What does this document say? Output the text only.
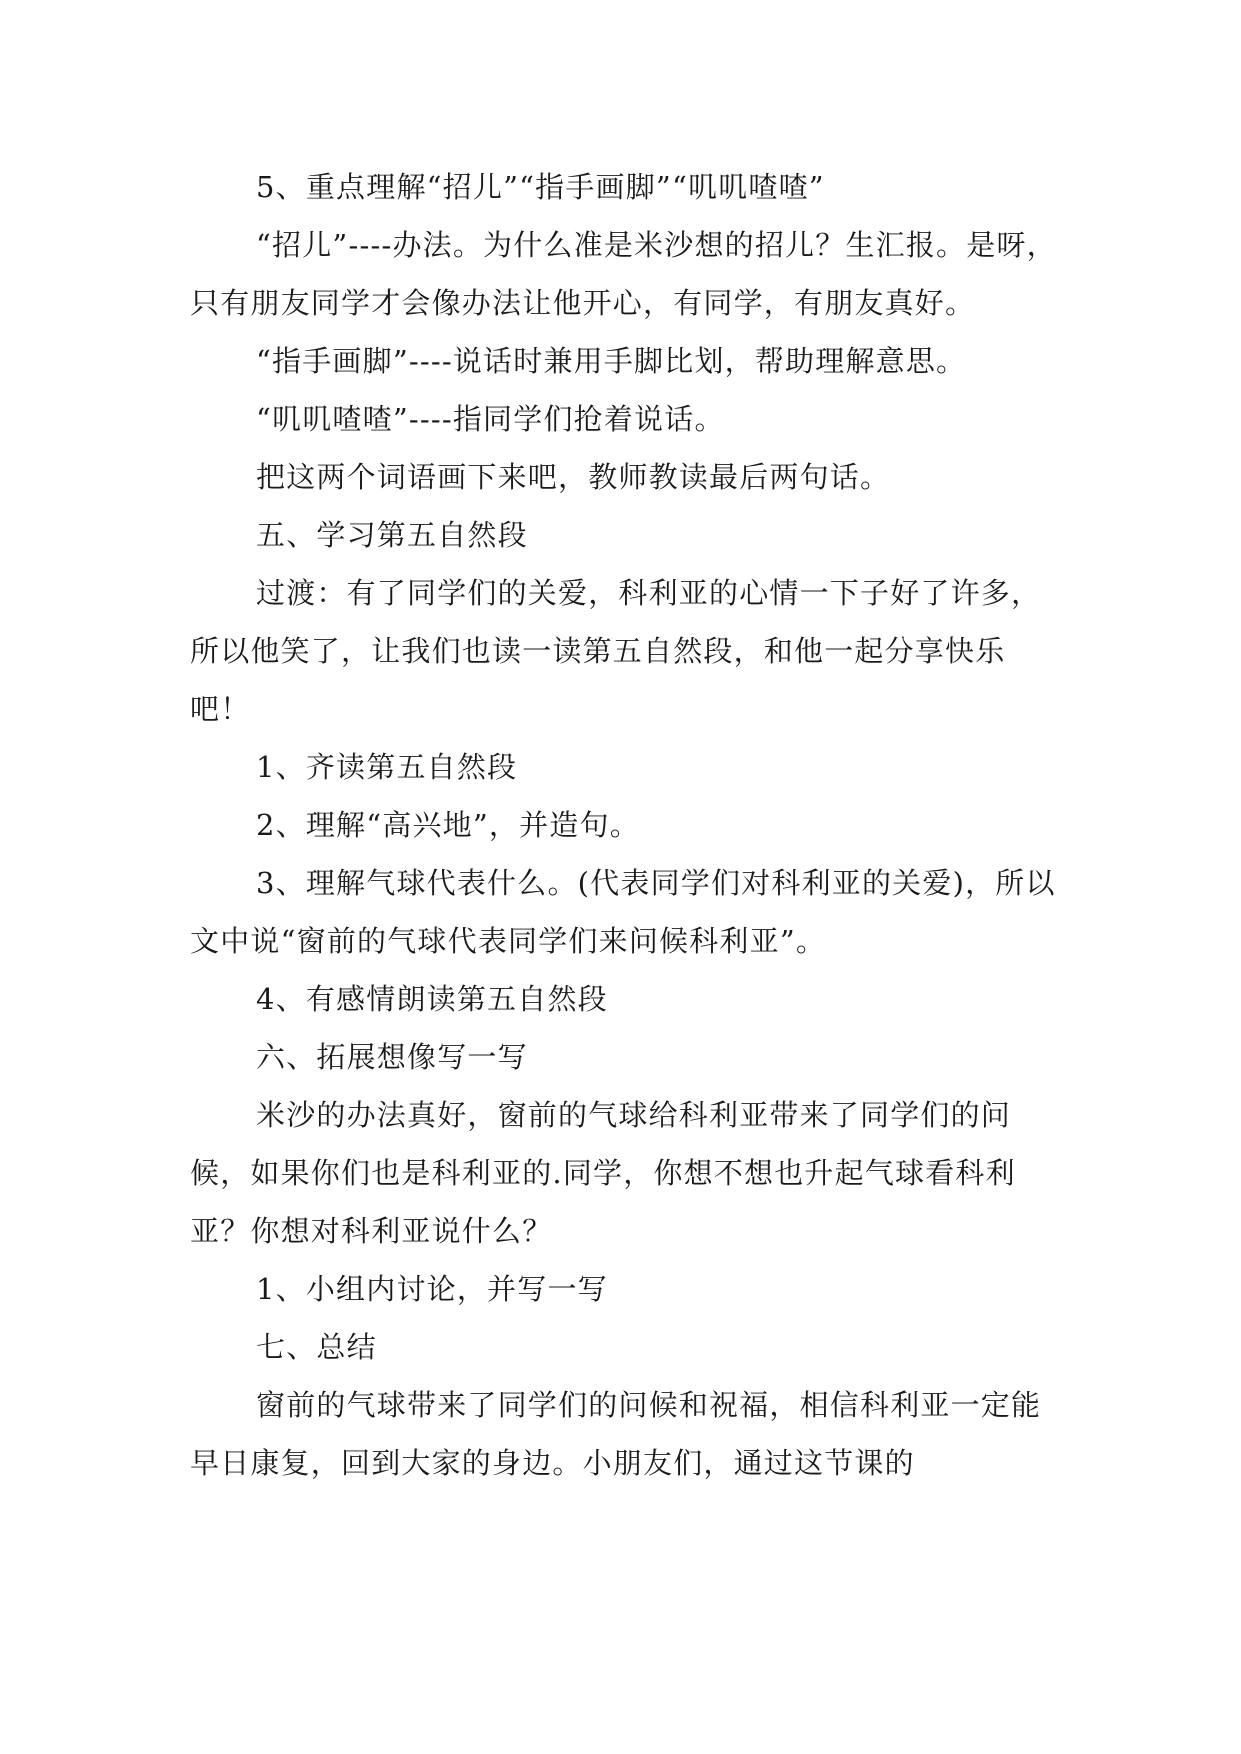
5、重点理解“招儿”“指手画脚”“叽叽喳喳”

“招儿”----办法。为什么准是米沙想的招儿？生汇报。是呀，只有朋友同学才会像办法让他开心，有同学，有朋友真好。

“指手画脚”----说话时兼用手脚比划，帮助理解意思。

“叽叽喳喳”----指同学们抢着说话。

把这两个词语画下来吧，教师教读最后两句话。

五、学习第五自然段

过渡：有了同学们的关爱，科利亚的心情一下子好了许多，所以他笑了，让我们也读一读第五自然段，和他一起分享快乐吧！

1、齐读第五自然段

2、理解“高兴地”，并造句。

3、理解气球代表什么。(代表同学们对科利亚的关爱)，所以文中说“窗前的气球代表同学们来问候科利亚”。

4、有感情朗读第五自然段

六、拓展想像写一写

米沙的办法真好，窗前的气球给科利亚带来了同学们的问候，如果你们也是科利亚的.同学，你想不想也升起气球看科利亚？你想对科利亚说什么？

1、小组内讨论，并写一写

七、总结

窗前的气球带来了同学们的问候和祝福，相信科利亚一定能早日康复，回到大家的身边。小朋友们，通过这节课的
